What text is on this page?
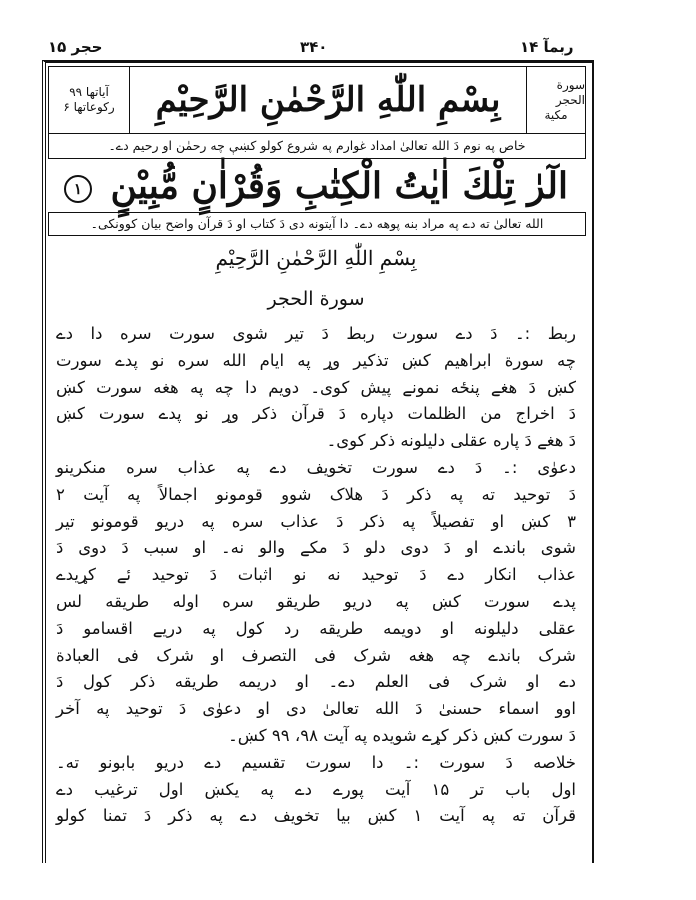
حجر ۱۵	۳۴۰	ربمآ ۱۴
سورة الحجر
مکیة
بِسْمِ اللّٰهِ الرَّحْمٰنِ الرَّحِيْمِ
آیاتها ۹۹
رکوعاتها ۶
خاص په نوم دَ الله تعالیٰ امداد غوارم په شروع کولو کښې چه رحمٰن او رحیم دے۔
الٓرٰ تِلْكَ اٰيٰتُ الْكِتٰبِ وَقُرْاٰنٍ مُّبِيْنٍ ۱
الله تعالیٰ ته دے په مراد بنه پوهه دے۔ دا آیتونه دی دَ کتاب او دَ قرآن واضح بیان کوونکی۔
بِسْمِ اللّٰهِ الرَّحْمٰنِ الرَّحِيْمِ
سورة الحجر
ربط :۔ دَ دے سورت ربط دَ تیر شوی سورت سره دا دے
چه سورة ابراهیم کښ تذکیر وړ په ایام الله سره نو پدے سورت
کښ دَ هغے پنځه نمونے پیش کوی۔ دویم دا چه په هغه سورت کښ
دَ اخراج من الظلمات دپاره دَ قرآن ذکر وړ نو پدے سورت کښ
دَ هغے دَ پاره عقلی دلیلونه ذکر کوی۔
دعوٰی :۔ دَ دے سورت تخویف دے په عذاب سره منکرینو
دَ توحید ته په ذکر دَ هلاک شوو قومونو اجمالاً په آیت ۲
۳ کښ او تفصیلاً په ذکر دَ عذاب سره په دریو قومونو تیر
شوی باندے او دَ دوی دلو دَ مکے والو نه۔ او سبب دَ دوی دَ
عذاب انکار دے دَ توحید نه نو اثبات دَ توحید ئے کړیدے
پدے سورت کښ په دریو طریقو سره اوله طریقه لس
عقلی دلیلونه او دویمه طریقه رد کول په دریے اقسامو دَ
شرک باندے چه هغه شرک فی التصرف او شرک فی العبادة
دے او شرک فی العلم دے۔ او دریمه طریقه ذکر کول دَ
اوو اسماء حسنیٰ دَ الله تعالیٰ دی او دعوٰی دَ توحید په آخر
دَ سورت کښ ذکر کړے شویده په آیت ۹۸، ۹۹ کښ۔
خلاصه دَ سورت :۔ دا سورت تقسیم دے دریو بابونو ته۔
اول باب تر ۱۵ آیت پورے دے په یکښ اول ترغیب دے
قرآن ته په آیت ۱ کښ بیا تخویف دے په ذکر دَ تمنا کولو
